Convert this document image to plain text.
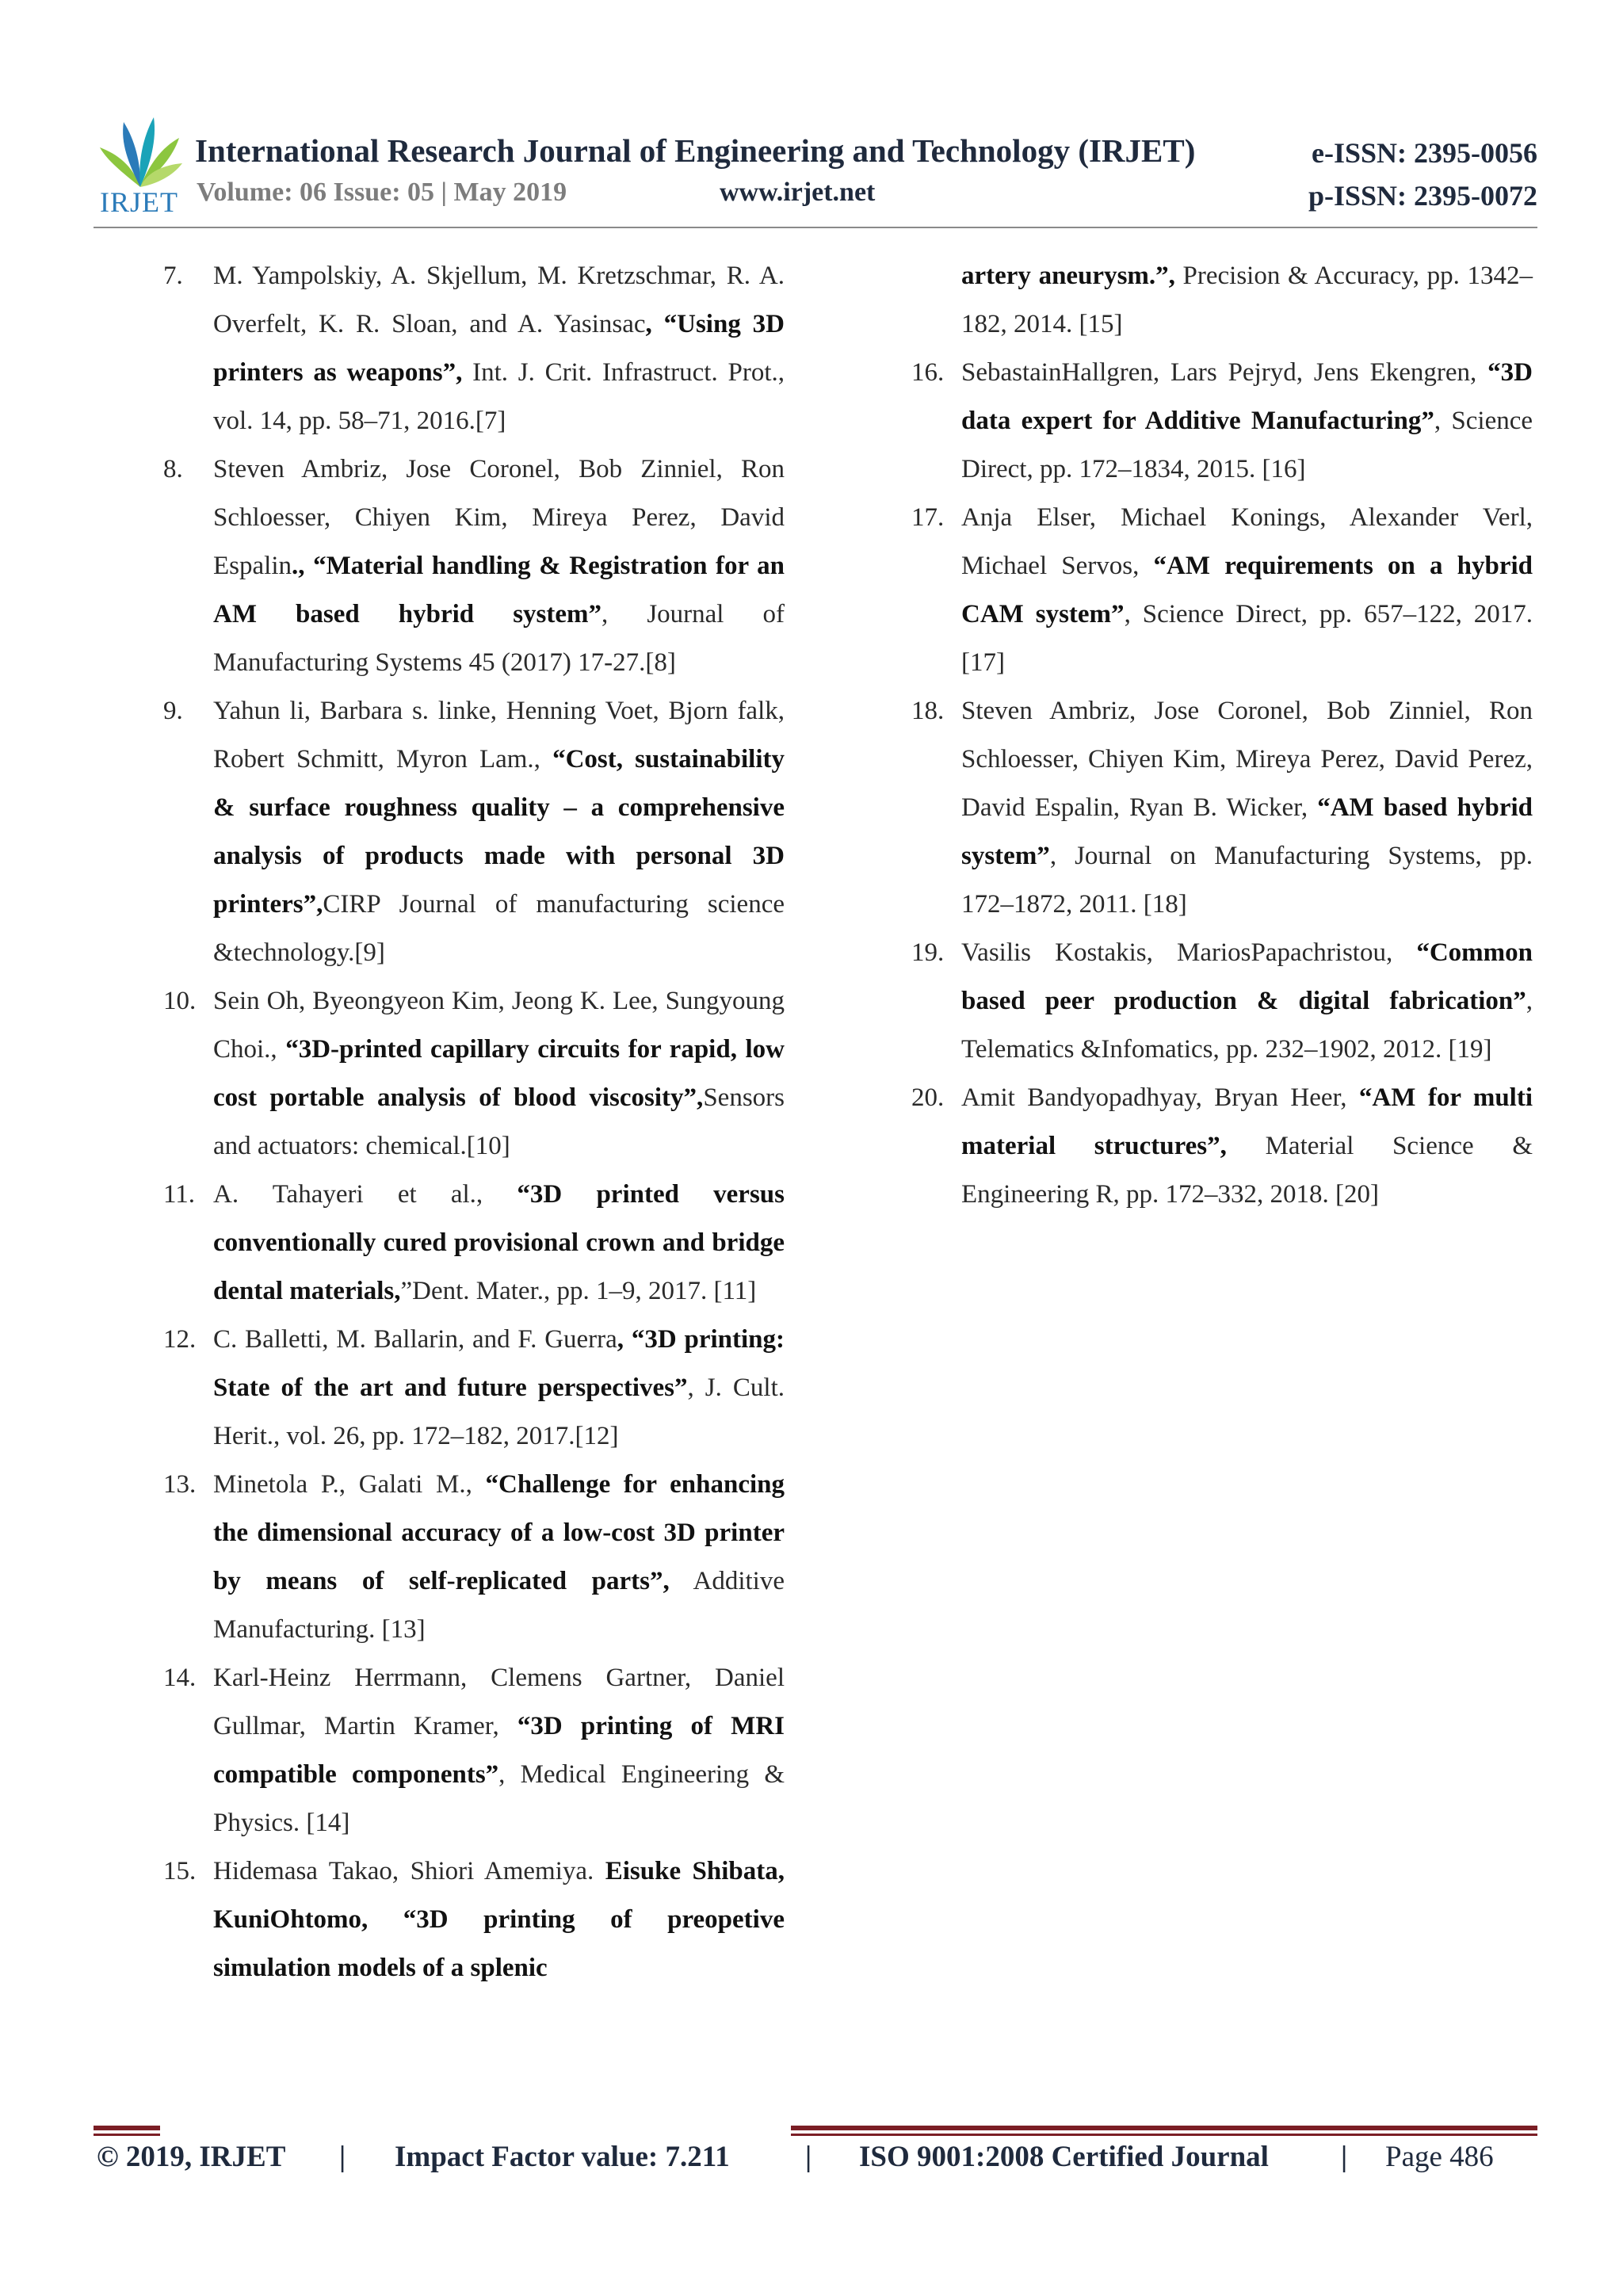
IRJET
International Research Journal of Engineering and Technology (IRJET)	e-ISSN: 2395-0056
Volume: 06 Issue: 05 | May 2019	www.irjet.net	p-ISSN: 2395-0072
7. M. Yampolskiy, A. Skjellum, M. Kretzschmar, R. A. Overfelt, K. R. Sloan, and A. Yasinsac, “Using 3D printers as weapons”, Int. J. Crit. Infrastruct. Prot., vol. 14, pp. 58–71, 2016.[7]
8. Steven Ambriz, Jose Coronel, Bob Zinniel, Ron Schloesser, Chiyen Kim, Mireya Perez, David Espalin., “Material handling & Registration for an AM based hybrid system”, Journal of Manufacturing Systems 45 (2017) 17-27.[8]
9. Yahun li, Barbara s. linke, Henning Voet, Bjorn falk, Robert Schmitt, Myron Lam., “Cost, sustainability & surface roughness quality – a comprehensive analysis of products made with personal 3D printers”,CIRP Journal of manufacturing science &technology.[9]
10. Sein Oh, Byeongyeon Kim, Jeong K. Lee, Sungyoung Choi., “3D-printed capillary circuits for rapid, low cost portable analysis of blood viscosity”,Sensors and actuators: chemical.[10]
11. A. Tahayeri et al., “3D printed versus conventionally cured provisional crown and bridge dental materials,”Dent. Mater., pp. 1–9, 2017. [11]
12. C. Balletti, M. Ballarin, and F. Guerra, “3D printing: State of the art and future perspectives”, J. Cult. Herit., vol. 26, pp. 172–182, 2017.[12]
13. Minetola P., Galati M., “Challenge for enhancing the dimensional accuracy of a low-cost 3D printer by means of self-replicated parts”, Additive Manufacturing. [13]
14. Karl-Heinz Herrmann, Clemens Gartner, Daniel Gullmar, Martin Kramer, “3D printing of MRI compatible components”, Medical Engineering & Physics. [14]
15. Hidemasa Takao, Shiori Amemiya. Eisuke Shibata, KuniOhtomo, “3D printing of preopetive simulation models of a splenic
artery aneurysm.”, Precision & Accuracy, pp. 1342–182, 2014. [15]
16. SebastainHallgren, Lars Pejryd, Jens Ekengren, “3D data expert for Additive Manufacturing”, Science Direct, pp. 172–1834, 2015. [16]
17. Anja Elser, Michael Konings, Alexander Verl, Michael Servos, “AM requirements on a hybrid CAM system”, Science Direct, pp. 657–122, 2017. [17]
18. Steven Ambriz, Jose Coronel, Bob Zinniel, Ron Schloesser, Chiyen Kim, Mireya Perez, David Perez, David Espalin, Ryan B. Wicker, “AM based hybrid system”, Journal on Manufacturing Systems, pp. 172–1872, 2011. [18]
19. Vasilis Kostakis, MariosPapachristou, “Common based peer production & digital fabrication”, Telematics &Infomatics, pp. 232–1902, 2012. [19]
20. Amit Bandyopadhyay, Bryan Heer, “AM for multi material structures”, Material Science & Engineering R, pp. 172–332, 2018. [20]
© 2019, IRJET | Impact Factor value: 7.211	| ISO 9001:2008 Certified Journal | Page 486
